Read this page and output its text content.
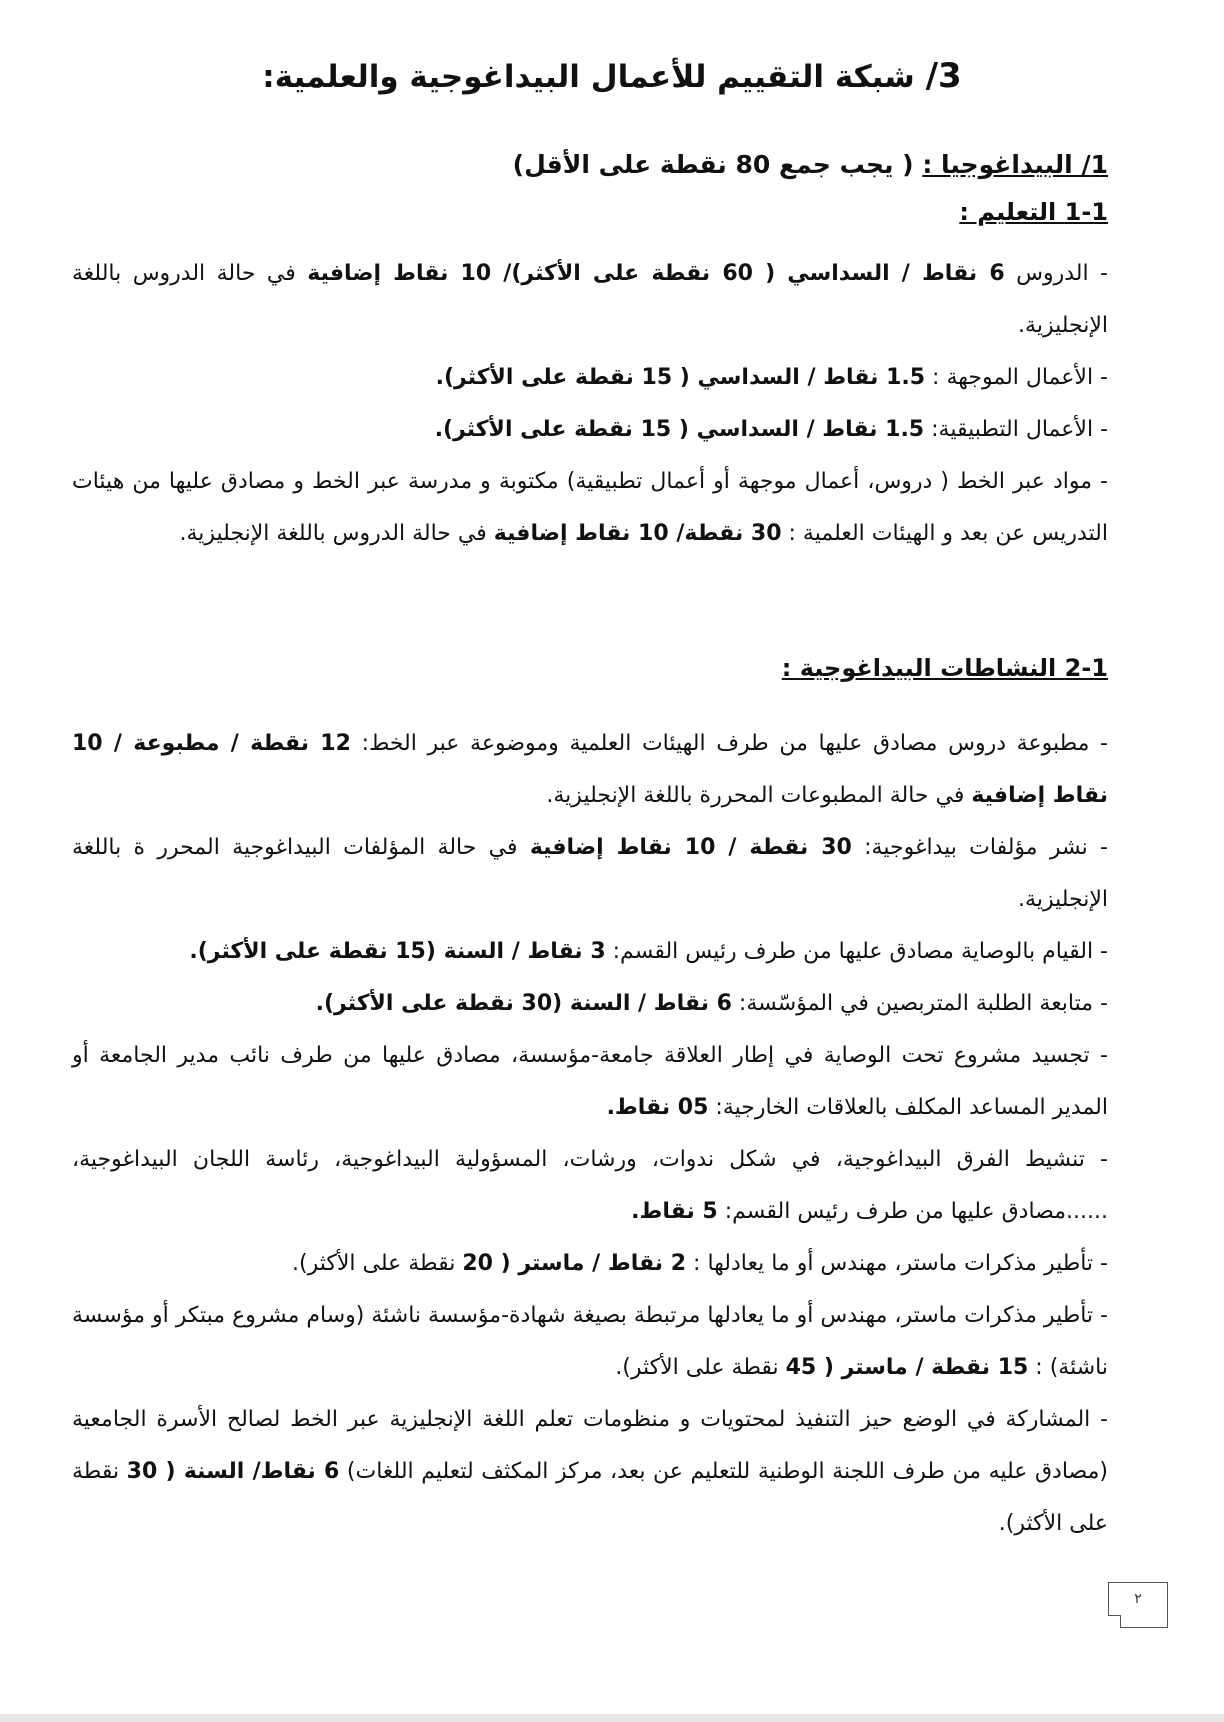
3/ شبكة التقييم للأعمال البيداغوجية والعلمية:
1/ البيداغوجيا : ( يجب جمع 80 نقطة على الأقل)
1-1 التعليم :
- الدروس 6 نقاط / السداسي ( 60 نقطة على الأكثر)/ 10 نقاط إضافية في حالة الدروس باللغة الإنجليزية.
- الأعمال الموجهة : 1.5 نقاط / السداسي ( 15 نقطة على الأكثر).
- الأعمال التطبيقية: 1.5 نقاط / السداسي ( 15 نقطة على الأكثر).
- مواد عبر الخط ( دروس، أعمال موجهة أو أعمال تطبيقية) مكتوبة و مدرسة عبر الخط و مصادق عليها من هيئات التدريس عن بعد و الهيئات العلمية : 30 نقطة/ 10 نقاط إضافية في حالة الدروس باللغة الإنجليزية.
2-1 النشاطات البيداغوجية :
- مطبوعة دروس مصادق عليها من طرف الهيئات العلمية وموضوعة عبر الخط: 12 نقطة / مطبوعة / 10 نقاط إضافية في حالة المطبوعات المحررة باللغة الإنجليزية.
- نشر مؤلفات بيداغوجية: 30 نقطة / 10 نقاط إضافية في حالة المؤلفات البيداغوجية المحرر ة باللغة الإنجليزية.
- القيام بالوصاية مصادق عليها من طرف رئيس القسم: 3 نقاط / السنة (15 نقطة على الأكثر).
- متابعة الطلبة المتربصين في المؤسّسة: 6 نقاط / السنة (30 نقطة على الأكثر).
- تجسيد مشروع تحت الوصاية في إطار العلاقة جامعة-مؤسسة، مصادق عليها من طرف نائب مدير الجامعة أو المدير المساعد المكلف بالعلاقات الخارجية: 05 نقاط.
- تنشيط الفرق البيداغوجية، في شكل ندوات، ورشات، المسؤولية البيداغوجية، رئاسة اللجان البيداغوجية، ......مصادق عليها من طرف رئيس القسم: 5 نقاط.
- تأطير مذكرات ماستر، مهندس أو ما يعادلها : 2 نقاط / ماستر ( 20 نقطة على الأكثر).
- تأطير مذكرات ماستر، مهندس أو ما يعادلها مرتبطة بصيغة شهادة-مؤسسة ناشئة (وسام مشروع مبتكر أو مؤسسة ناشئة) : 15 نقطة / ماستر ( 45 نقطة على الأكثر).
- المشاركة في الوضع حيز التنفيذ لمحتويات و منظومات تعلم اللغة الإنجليزية عبر الخط لصالح الأسرة الجامعية (مصادق عليه من طرف اللجنة الوطنية للتعليم عن بعد، مركز المكثف لتعليم اللغات) 6 نقاط/ السنة ( 30 نقطة على الأكثر).
٢
